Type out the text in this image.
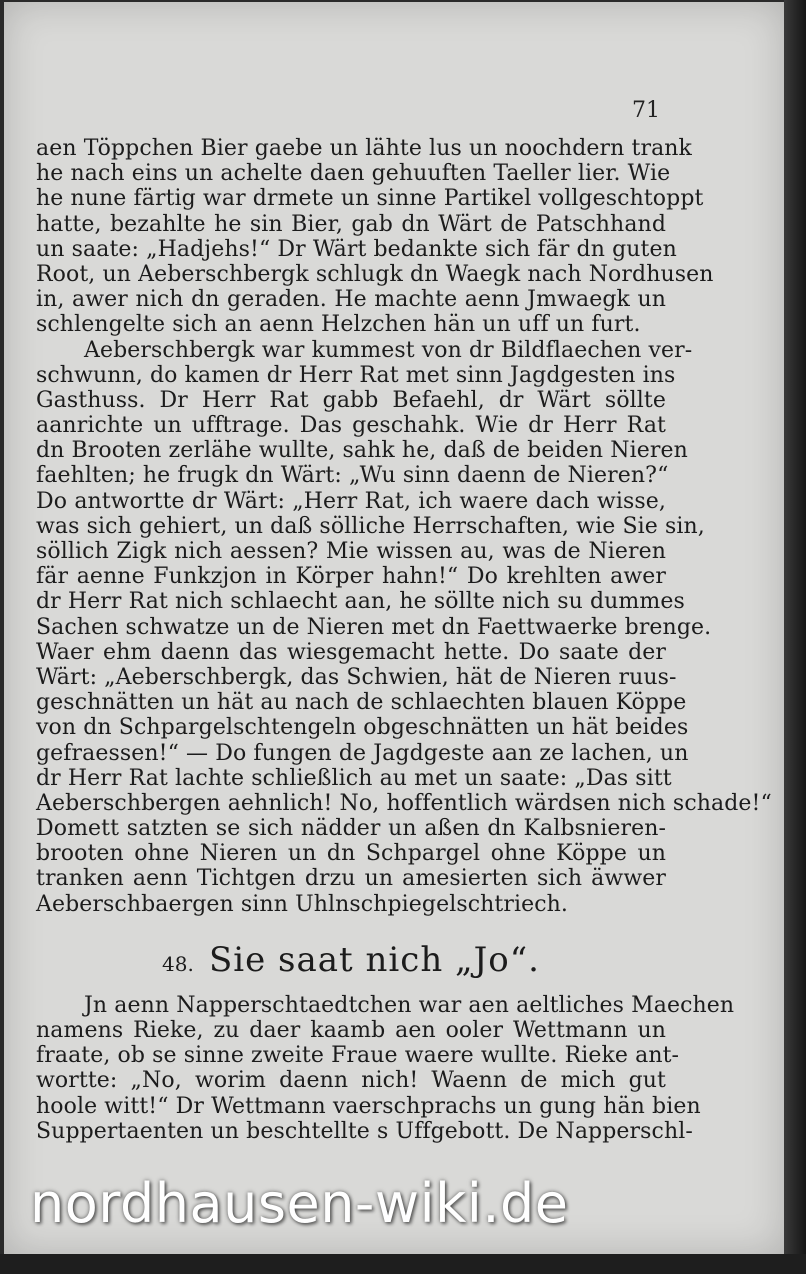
71
aen Töppchen Bier gaebe un lähte lus un noochdern trank
he nach eins un achelte daen gehuuften Taeller lier. Wie
he nune färtig war drmete un sinne Partikel vollgeschtoppt
hatte, bezahlte he sin Bier, gab dn Wärt de Patschhand
un saate: „Hadjehs!“ Dr Wärt bedankte sich fär dn guten
Root, un Aeberschbergk schlugk dn Waegk nach Nordhusen
in, awer nich dn geraden. He machte aenn Jmwaegk un
schlengelte sich an aenn Helzchen hän un uff un furt.
Aeberschbergk war kummest von dr Bildflaechen ver-
schwunn, do kamen dr Herr Rat met sinn Jagdgesten ins
Gasthuss. Dr Herr Rat gabb Befaehl, dr Wärt söllte
aanrichte un ufftrage. Das geschahk. Wie dr Herr Rat
dn Brooten zerlähe wullte, sahk he, daß de beiden Nieren
faehlten; he frugk dn Wärt: „Wu sinn daenn de Nieren?“
Do antwortte dr Wärt: „Herr Rat, ich waere dach wisse,
was sich gehiert, un daß sölliche Herrschaften, wie Sie sin,
söllich Zigk nich aessen? Mie wissen au, was de Nieren
fär aenne Funkzjon in Körper hahn!“ Do krehlten awer
dr Herr Rat nich schlaecht aan, he söllte nich su dummes
Sachen schwatze un de Nieren met dn Faettwaerke brenge.
Waer ehm daenn das wiesgemacht hette. Do saate der
Wärt: „Aeberschbergk, das Schwien, hät de Nieren ruus-
geschnätten un hät au nach de schlaechten blauen Köppe
von dn Schpargelschtengeln obgeschnätten un hät beides
gefraessen!“ — Do fungen de Jagdgeste aan ze lachen, un
dr Herr Rat lachte schließlich au met un saate: „Das sitt
Aeberschbergen aehnlich! No, hoffentlich wärdsen nich schade!“
Domett satzten se sich nädder un aßen dn Kalbsnieren-
brooten ohne Nieren un dn Schpargel ohne Köppe un
tranken aenn Tichtgen drzu un amesierten sich äwwer
Aeberschbaergen sinn Uhlnschpiegelschtriech.
48. Sie saat nich „Jo“.
Jn aenn Napperschtaedtchen war aen aeltliches Maechen
namens Rieke, zu daer kaamb aen ooler Wettmann un
fraate, ob se sinne zweite Fraue waere wullte. Rieke ant-
wortte: „No, worim daenn nich! Waenn de mich gut
hoole witt!“ Dr Wettmann vaerschprachs un gung hän bien
Suppertaenten un beschtellte s Uffgebott. De Napperschl-
nordhausen-wiki.de
